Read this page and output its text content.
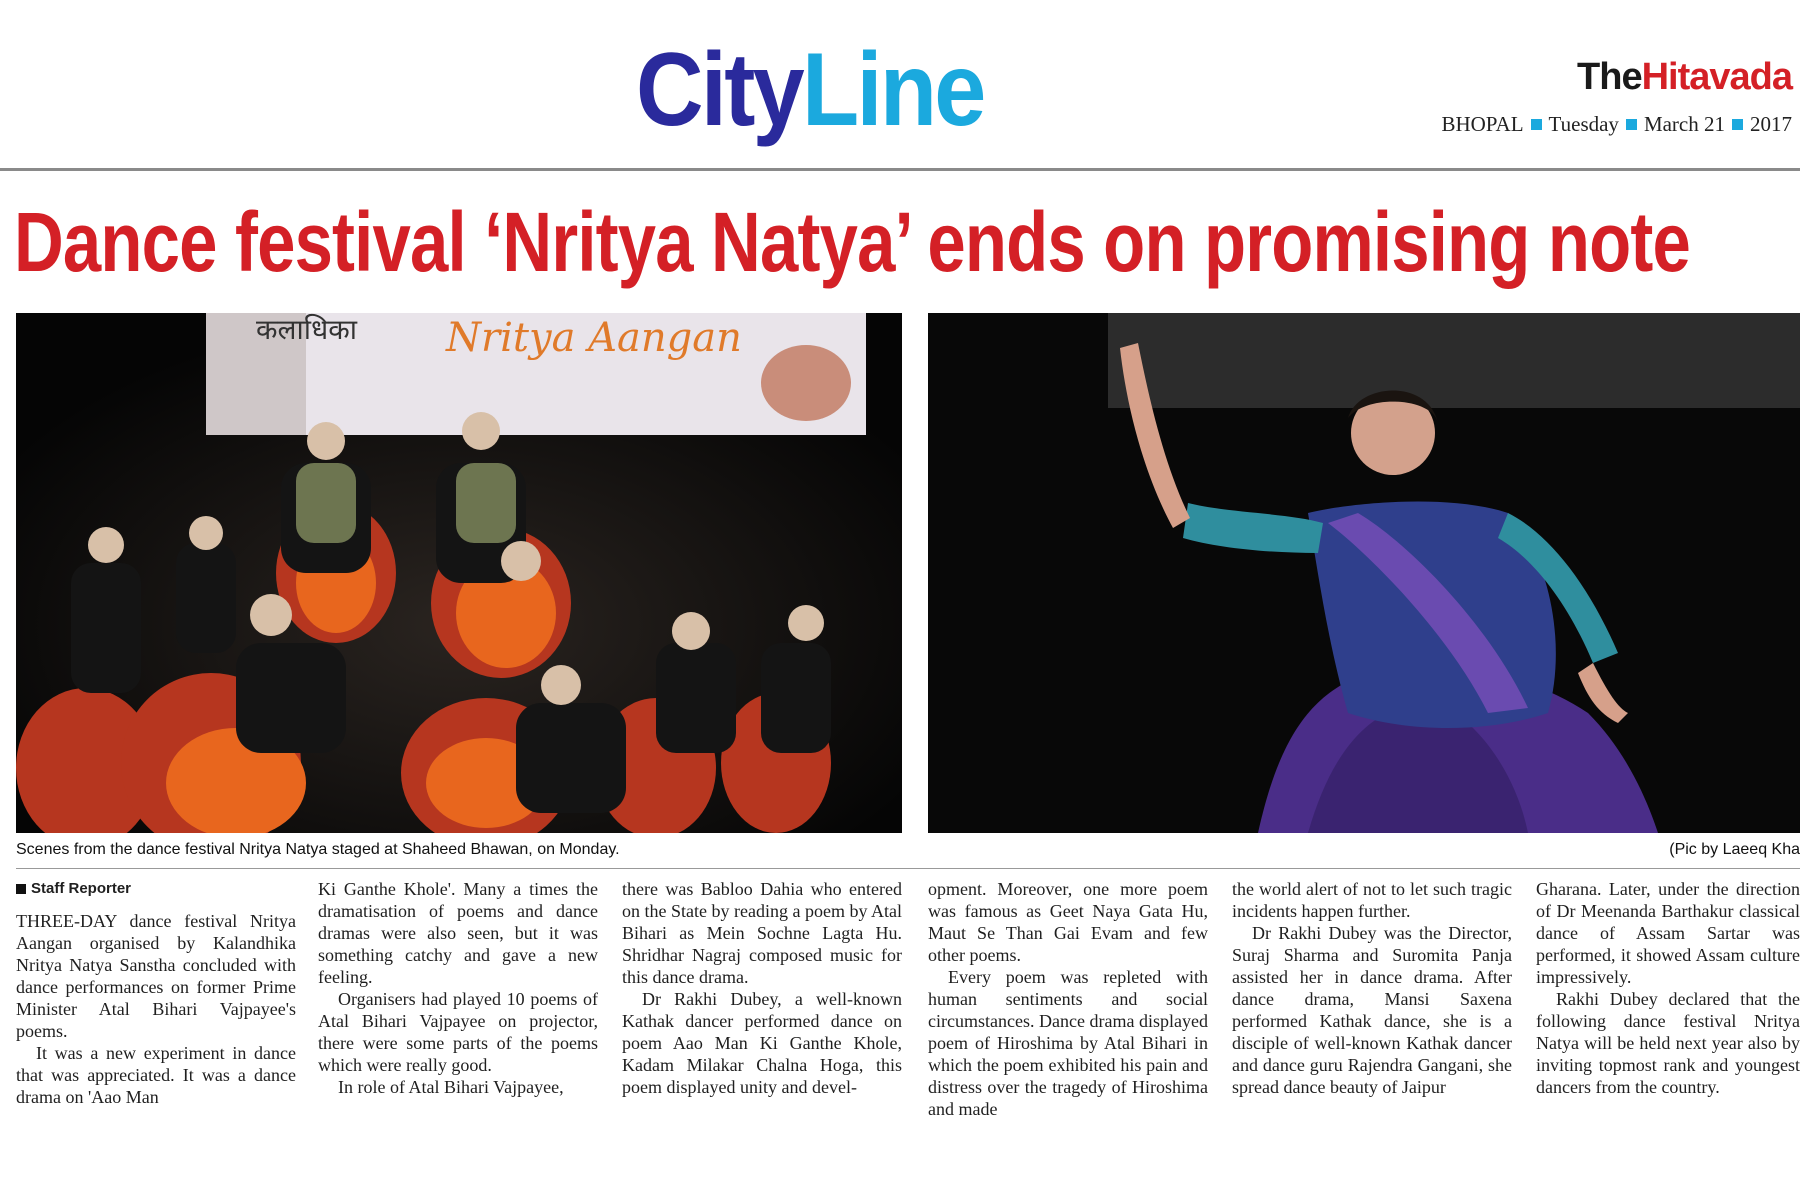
CityLine	TheHitavada
BHOPAL Tuesday March 21 2017
Dance festival ‘Nritya Natya’ ends on promising note
कलाधिका Nritya Aangan
Scenes from the dance festival Nritya Natya staged at Shaheed Bhawan, on Monday.	(Pic by Laeeq Kha
Staff Reporter

THREE-DAY dance festival Nritya Aangan organised by Kalandhika Nritya Natya Sanstha concluded with dance performances on former Prime Minister Atal Bihari Vajpayee's poems.

It was a new experiment in dance that was appreciated. It was a dance drama on 'Aao Man

Ki Ganthe Khole'. Many a times the dramatisation of poems and dance dramas were also seen, but it was something catchy and gave a new feeling.

Organisers had played 10 poems of Atal Bihari Vajpayee on projector, there were some parts of the poems which were really good.

In role of Atal Bihari Vajpayee,

there was Babloo Dahia who entered on the State by reading a poem by Atal Bihari as Mein Sochne Lagta Hu. Shridhar Nagraj composed music for this dance drama.

Dr Rakhi Dubey, a well-known Kathak dancer performed dance on poem Aao Man Ki Ganthe Khole, Kadam Milakar Chalna Hoga, this poem displayed unity and devel-

opment. Moreover, one more poem was famous as Geet Naya Gata Hu, Maut Se Than Gai Evam and few other poems.

Every poem was repleted with human sentiments and social circumstances. Dance drama displayed poem of Hiroshima by Atal Bihari in which the poem exhibited his pain and distress over the tragedy of Hiroshima and made

the world alert of not to let such tragic incidents happen further.

Dr Rakhi Dubey was the Director, Suraj Sharma and Suromita Panja assisted her in dance drama. After dance drama, Mansi Saxena performed Kathak dance, she is a disciple of well-known Kathak dancer and dance guru Rajendra Gangani, she spread dance beauty of Jaipur

Gharana. Later, under the direction of Dr Meenanda Barthakur classical dance of Assam Sartar was performed, it showed Assam culture impressively.

Rakhi Dubey declared that the following dance festival Nritya Natya will be held next year also by inviting topmost rank and youngest dancers from the country.
